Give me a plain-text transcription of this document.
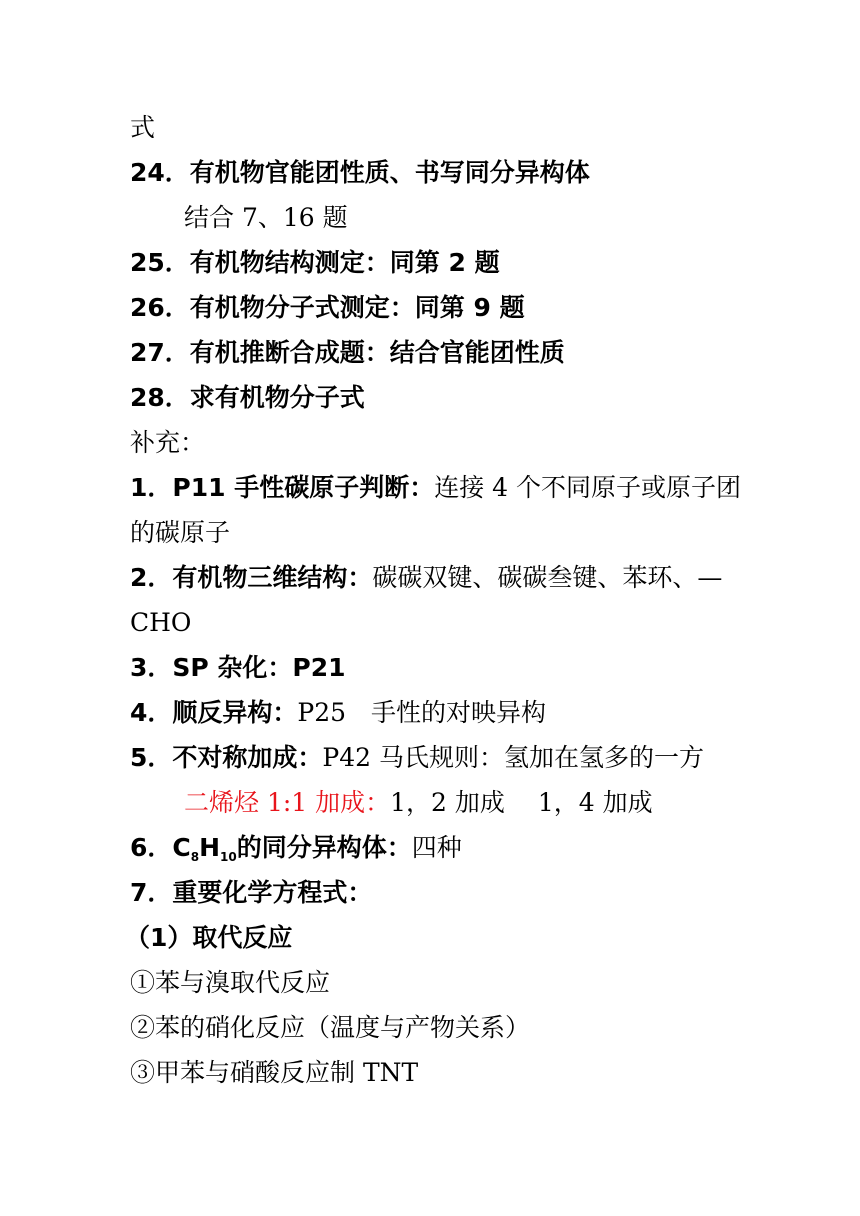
式
24．有机物官能团性质、书写同分异构体
结合 7、16 题
25．有机物结构测定：同第 2 题
26．有机物分子式测定：同第 9 题
27．有机推断合成题：结合官能团性质
28．求有机物分子式
补充：
1．P11 手性碳原子判断：连接 4 个不同原子或原子团
的碳原子
2．有机物三维结构：碳碳双键、碳碳叁键、苯环、—
CHO
3．SP 杂化：P21
4．顺反异构：P25　手性的对映异构
5．不对称加成：P42 马氏规则：氢加在氢多的一方
二烯烃 1:1 加成：1，2 加成　 1，4 加成
6．$C_8H_{10}$的同分异构体：四种
7．重要化学方程式：
（1）取代反应
①苯与溴取代反应
②苯的硝化反应（温度与产物关系）
③甲苯与硝酸反应制 TNT
